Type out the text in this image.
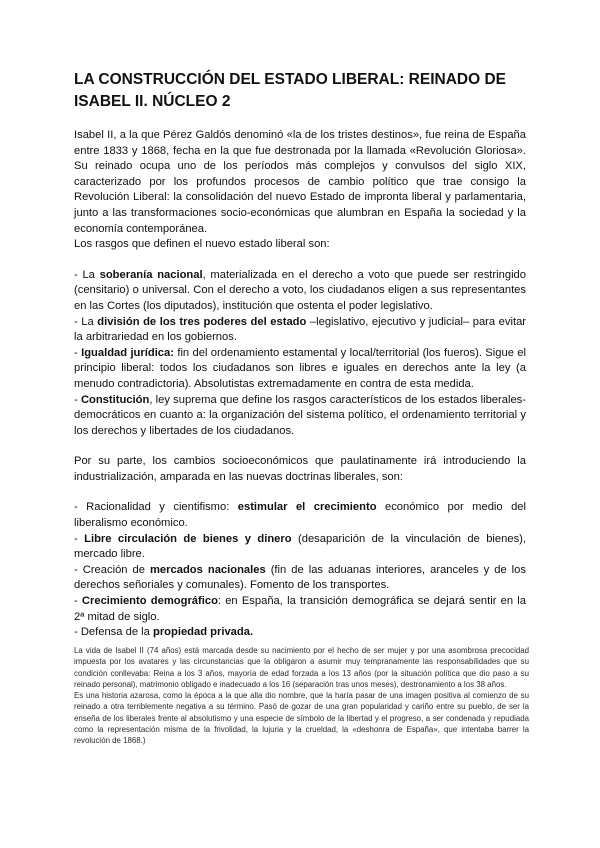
LA CONSTRUCCIÓN DEL ESTADO LIBERAL: REINADO DE ISABEL II. NÚCLEO 2

Isabel II, a la que Pérez Galdós denominó «la de los tristes destinos», fue reina de España entre 1833 y 1868, fecha en la que fue destronada por la llamada «Revolución Gloriosa». Su reinado ocupa uno de los períodos más complejos y convulsos del siglo XIX, caracterizado por los profundos procesos de cambio político que trae consigo la Revolución Liberal: la consolidación del nuevo Estado de impronta liberal y parlamentaria, junto a las transformaciones socio-económicas que alumbran en España la sociedad y la economía contemporánea.

Los rasgos que definen el nuevo estado liberal son:

- La soberanía nacional, materializada en el derecho a voto que puede ser restringido (censitario) o universal. Con el derecho a voto, los ciudadanos eligen a sus representantes en las Cortes (los diputados), institución que ostenta el poder legislativo.

- La división de los tres poderes del estado –legislativo, ejecutivo y judicial– para evitar la arbitrariedad en los gobiernos.

- Igualdad jurídica: fin del ordenamiento estamental y local/territorial (los fueros). Sigue el principio liberal: todos los ciudadanos son libres e iguales en derechos ante la ley (a menudo contradictoria). Absolutistas extremadamente en contra de esta medida.

- Constitución, ley suprema que define los rasgos característicos de los estados liberales-democráticos en cuanto a: la organización del sistema político, el ordenamiento territorial y los derechos y libertades de los ciudadanos.

Por su parte, los cambios socioeconómicos que paulatinamente irá introduciendo la industrialización, amparada en las nuevas doctrinas liberales, son:

- Racionalidad y cientifismo: estimular el crecimiento económico por medio del liberalismo económico.

- Libre circulación de bienes y dinero (desaparición de la vinculación de bienes), mercado libre.

- Creación de mercados nacionales (fin de las aduanas interiores, aranceles y de los derechos señoriales y comunales). Fomento de los transportes.

- Crecimiento demográfico: en España, la transición demográfica se dejará sentir en la 2ª mitad de siglo.

- Defensa de la propiedad privada.

La vida de Isabel II (74 años) está marcada desde su nacimiento por el hecho de ser mujer y por una asombrosa precocidad impuesta por los avatares y las circunstancias que la obligaron a asumir muy tempranamente las responsabilidades que su condición conllevaba: Reina a los 3 años, mayoría de edad forzada a los 13 años (por la situación política que dio paso a su reinado personal), matrimonio obligado e inadecuado a los 16 (separación tras unos meses), destronamiento a los 38 años.

Es una historia azarosa, como la época a la que alla dio nombre, que la haría pasar de una imagen positiva al comienzo de su reinado a otra terriblemente negativa a su término. Pasó de gozar de una gran popularidad y cariño entre su pueblo, de ser la enseña de los liberales frente al absolutismo y una especie de símbolo de la libertad y el progreso, a ser condenada y repudiada como la representación misma de la frivolidad, la lujuria y la crueldad, la «deshonra de España», que intentaba barrer la revolución de 1868.)
